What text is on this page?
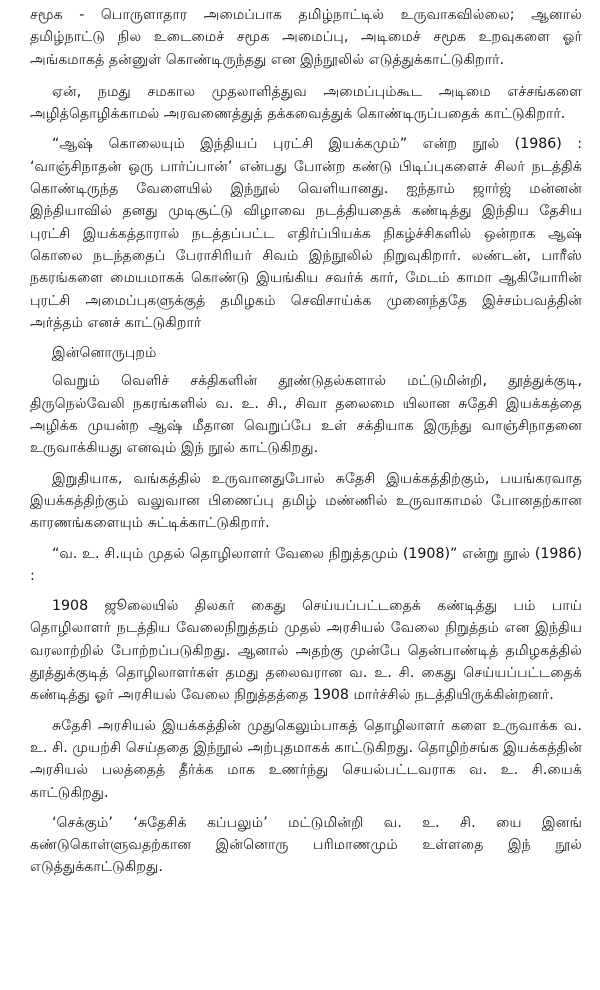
சமூக - பொருளாதார அமைப்பாக தமிழ்நாட்டில் உருவாகவில்லை; ஆனால் தமிழ்நாட்டு நில உடைமைச் சமூக அமைப்பு, அடிமைச் சமூக உறவுகளை ஓர் அங்கமாகத் தன்னுள் கொண்டிருந்தது என இந்நூலில் எடுத்துக்காட்டுகிறார்.

ஏன், நமது சமகால முதலாளித்துவ அமைப்பும்கூட அடிமை எச்சங்களை அழித்தொழிக்காமல் அரவணைத்துத் தக்கவைத்துக் கொண்டிருப்பதைக் காட்டுகிறார்.

“ஆஷ் கொலையும் இந்தியப் புரட்சி இயக்கமும்” என்ற நூல் (1986) : ‘வாஞ்சிநாதன் ஒரு பார்ப்பான்’ என்பது போன்ற கண்டு பிடிப்புகளைச் சிலர் நடத்திக் கொண்டிருந்த வேளையில் இந்நூல் வெளியானது. ஐந்தாம் ஜார்ஜ் மன்னன் இந்தியாவில் தனது முடிசூட்டு விழாவை நடத்தியதைக் கண்டித்து இந்திய தேசிய புரட்சி இயக்கத்தாரால் நடத்தப்பட்ட எதிர்ப்பியக்க நிகழ்ச்சிகளில் ஒன்றாக ஆஷ் கொலை நடந்ததைப் பேராசிரியர் சிவம் இந்நூலில் நிறுவுகிறார். லண்டன், பாரீஸ் நகரங்களை மையமாகக் கொண்டு இயங்கிய சவர்க் கார், மேடம் காமா ஆகியோரின் புரட்சி அமைப்புகளுக்குத் தமிழகம் செவிசாய்க்க முனைந்ததே இச்சம்பவத்தின் அர்த்தம் எனச் காட்டுகிறார்

இன்னொருபுறம்

வெறும் வெளிச் சக்திகளின் தூண்டுதல்களால் மட்டுமின்றி, தூத்துக்குடி, திருநெல்வேலி நகரங்களில் வ. உ. சி., சிவா தலைமை யிலான சுதேசி இயக்கத்தை அழிக்க முயன்ற ஆஷ் மீதான வெறுப்பே உள் சக்தியாக இருந்து வாஞ்சிநாதனை உருவாக்கியது எனவும் இந் நூல் காட்டுகிறது.

இறுதியாக, வங்கத்தில் உருவானதுபோல் சுதேசி இயக்கத்திற்கும், பயங்கரவாத இயக்கத்திற்கும் வலுவான பிணைப்பு தமிழ் மண்ணில் உருவாகாமல் போனதற்கான காரணங்களையும் சுட்டிக்காட்டுகிறார்.

“வ. உ. சி.யும் முதல் தொழிலாளர் வேலை நிறுத்தமும் (1908)” என்று நூல் (1986) :

1908 ஜூலையில் திலகர் கைது செய்யப்பட்டதைக் கண்டித்து பம் பாய் தொழிலாளர் நடத்திய வேலைநிறுத்தம் முதல் அரசியல் வேலை நிறுத்தம் என இந்திய வரலாற்றில் போற்றப்படுகிறது. ஆனால் அதற்கு முன்பே தென்பாண்டித் தமிழகத்தில் தூத்துக்குடித் தொழிலாளர்கள் தமது தலைவரான வ. உ. சி. கைது செய்யப்பட்டதைக் கண்டித்து ஓர் அரசியல் வேலை நிறுத்தத்தை 1908 மார்ச்சில் நடத்தியிருக்கின்றனர்.

சுதேசி அரசியல் இயக்கத்தின் முதுகெலும்பாகத் தொழிலாளர் களை உருவாக்க வ. உ. சி. முயற்சி செய்ததை இந்நூல் அற்புதமாகக் காட்டுகிறது. தொழிற்சங்க இயக்கத்தின் அரசியல் பலத்தைத் தீர்க்க மாக உணர்ந்து செயல்பட்டவராக வ. உ. சி.யைக் காட்டுகிறது.

‘செக்கும்’ ‘சுதேசிக் கப்பலும்’ மட்டுமின்றி வ. உ. சி. யை இனங் கண்டுகொள்ளுவதற்கான இன்னொரு பரிமாணமும் உள்ளதை இந் நூல் எடுத்துக்காட்டுகிறது.
